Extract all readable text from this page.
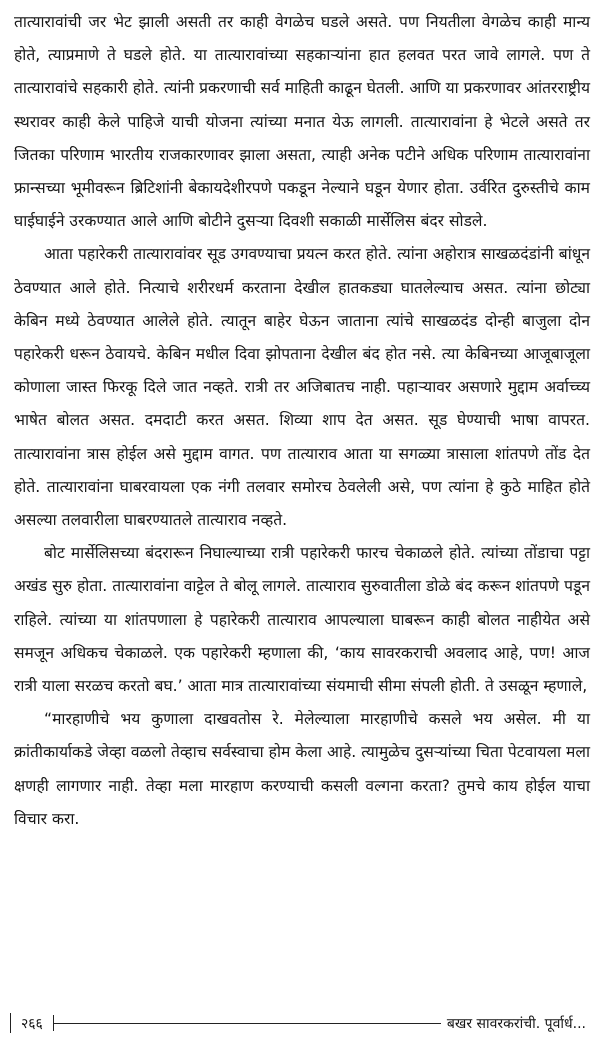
तात्यारावांची जर भेट झाली असती तर काही वेगळेच घडले असते. पण नियतीला वेगळेच काही मान्य होते, त्याप्रमाणे ते घडले होते. या तात्यारावांच्या सहकाऱ्यांना हात हलवत परत जावे लागले. पण ते तात्यारावांचे सहकारी होते. त्यांनी प्रकरणाची सर्व माहिती काढून घेतली. आणि या प्रकरणावर आंतरराष्ट्रीय स्थरावर काही केले पाहिजे याची योजना त्यांच्या मनात येऊ लागली. तात्यारावांना हे भेटले असते तर जितका परिणाम भारतीय राजकारणावर झाला असता, त्याही अनेक पटीने अधिक परिणाम तात्यारावांना फ्रान्सच्या भूमीवरून ब्रिटिशांनी बेकायदेशीरपणे पकडून नेल्याने घडून येणार होता. उर्वरित दुरुस्तीचे काम घाईघाईने उरकण्यात आले आणि बोटीने दुसऱ्या दिवशी सकाळी मार्सेलिस बंदर सोडले.

आता पहारेकरी तात्यारावांवर सूड उगवण्याचा प्रयत्न करत होते. त्यांना अहोरात्र साखळदंडांनी बांधून ठेवण्यात आले होते. नित्याचे शरीरधर्म करताना देखील हातकड्या घातलेल्याच असत. त्यांना छोट्या केबिन मध्ये ठेवण्यात आलेले होते. त्यातून बाहेर घेऊन जाताना त्यांचे साखळदंड दोन्ही बाजुला दोन पहारेकरी धरून ठेवायचे. केबिन मधील दिवा झोपताना देखील बंद होत नसे. त्या केबिनच्या आजूबाजूला कोणाला जास्त फिरकू दिले जात नव्हते. रात्री तर अजिबातच नाही. पहाऱ्यावर असणारे मुद्दाम अर्वाच्च्य भाषेत बोलत असत. दमदाटी करत असत. शिव्या शाप देत असत. सूड घेण्याची भाषा वापरत. तात्यारावांना त्रास होईल असे मुद्दाम वागत. पण तात्याराव आता या सगळ्या त्रासाला शांतपणे तोंड देत होते. तात्यारावांना घाबरवायला एक नंगी तलवार समोरच ठेवलेली असे, पण त्यांना हे कुठे माहित होते असल्या तलवारीला घाबरण्यातले तात्याराव नव्हते.

बोट मार्सेलिसच्या बंदरारून निघाल्याच्या रात्री पहारेकरी फारच चेकाळले होते. त्यांच्या तोंडाचा पट्टा अखंड सुरु होता. तात्यारावांना वाट्टेल ते बोलू लागले. तात्याराव सुरुवातीला डोळे बंद करून शांतपणे पडून राहिले. त्यांच्या या शांतपणाला हे पहारेकरी तात्याराव आपल्याला घाबरून काही बोलत नाहीयेत असे समजून अधिकच चेकाळले. एक पहारेकरी म्हणाला की, ‘काय सावरकराची अवलाद आहे, पण! आज रात्री याला सरळच करतो बघ.’ आता मात्र तात्यारावांच्या संयमाची सीमा संपली होती. ते उसळून म्हणाले,

“मारहाणीचे भय कुणाला दाखवतोस रे. मेलेल्याला मारहाणीचे कसले भय असेल. मी या क्रांतीकार्याकडे जेव्हा वळलो तेव्हाच सर्वस्वाचा होम केला आहे. त्यामुळेच दुसऱ्यांच्या चिता पेटवायला मला क्षणही लागणार नाही. तेव्हा मला मारहाण करण्याची कसली वल्गना करता? तुमचे काय होईल याचा विचार करा.

२६६	बखर सावरकरांची. पूर्वार्ध...
